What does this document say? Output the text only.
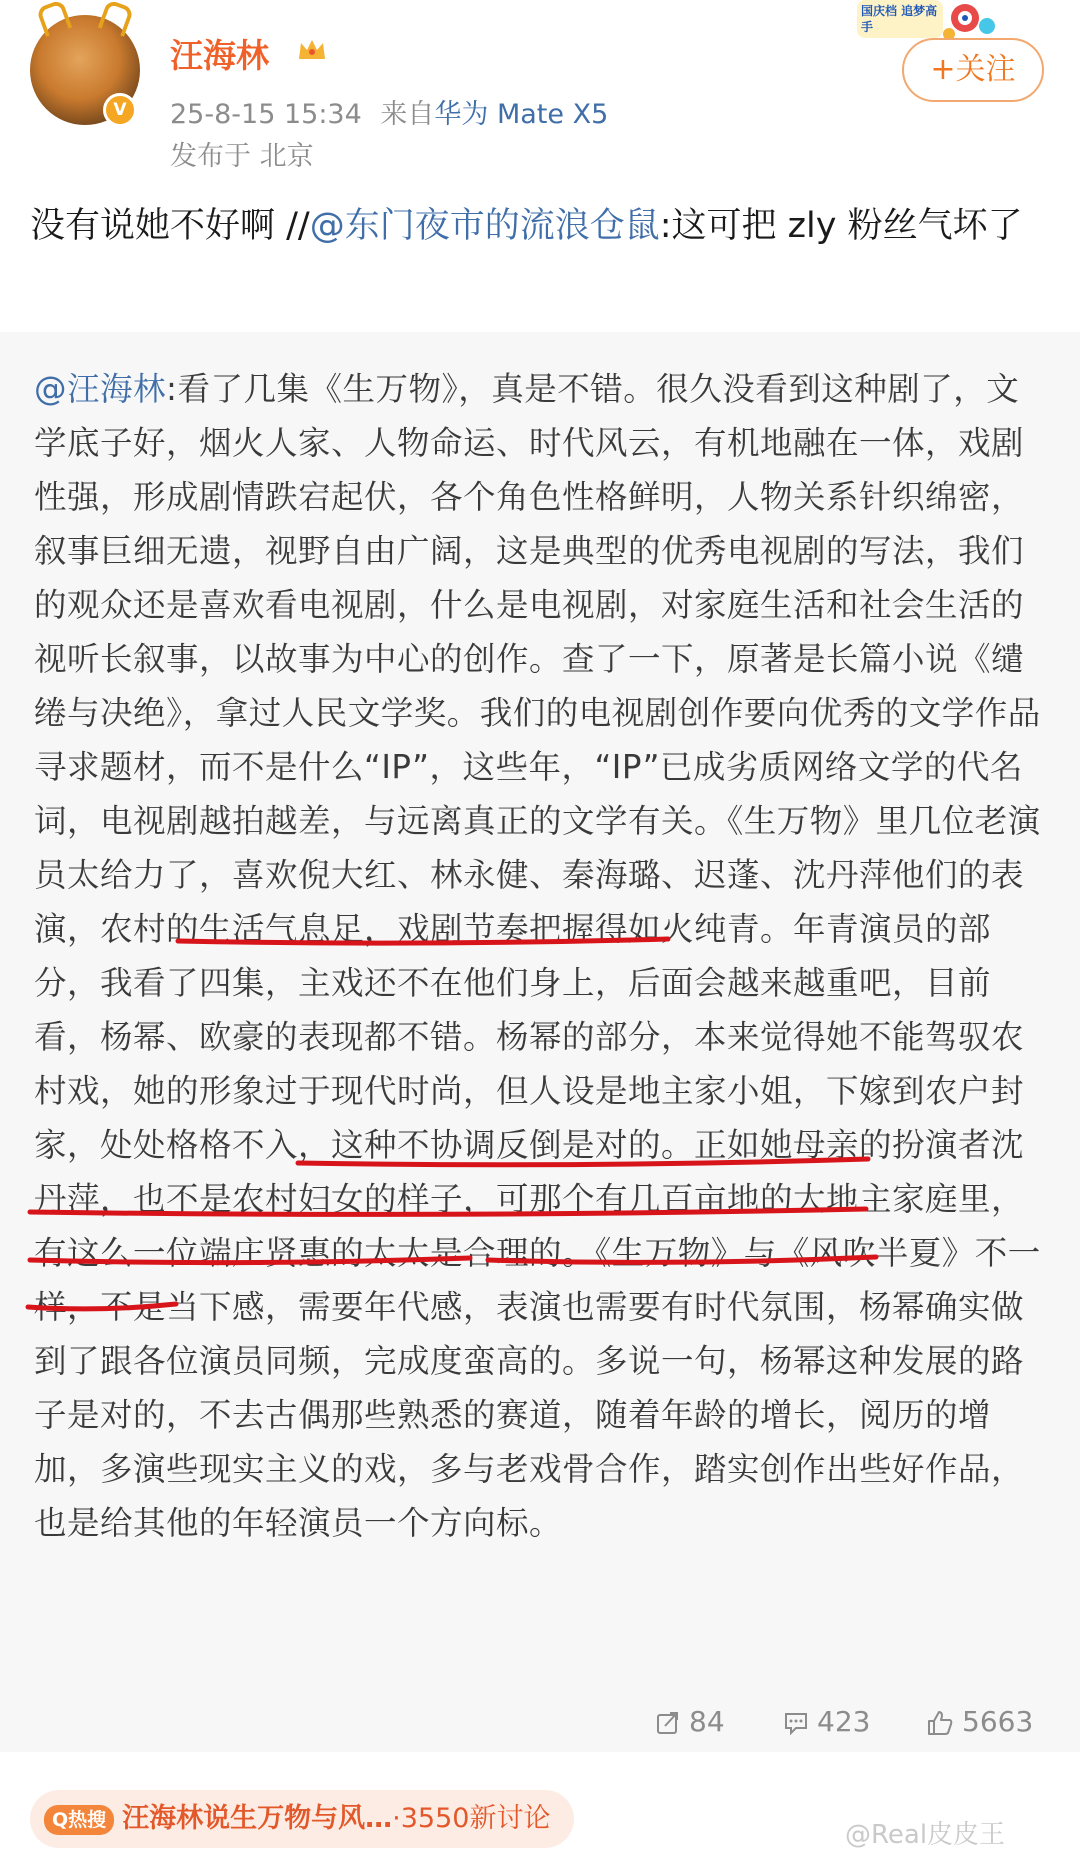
V
汪海林
25-8-15 15:34 来自华为 Mate X5
发布于 北京
国庆档 追梦高手
+关注
没有说她不好啊 //@东门夜市的流浪仓鼠:这可把 zly 粉丝气坏了
@汪海林:看了几集《生万物》，真是不错。很久没看到这种剧了，文学底子好，烟火人家、人物命运、时代风云，有机地融在一体，戏剧性强，形成剧情跌宕起伏，各个角色性格鲜明，人物关系针织绵密，叙事巨细无遗，视野自由广阔，这是典型的优秀电视剧的写法，我们的观众还是喜欢看电视剧，什么是电视剧，对家庭生活和社会生活的视听长叙事，以故事为中心的创作。查了一下，原著是长篇小说《缱绻与决绝》，拿过人民文学奖。我们的电视剧创作要向优秀的文学作品寻求题材，而不是什么“IP”，这些年，“IP”已成劣质网络文学的代名词，电视剧越拍越差，与远离真正的文学有关。《生万物》里几位老演员太给力了，喜欢倪大红、林永健、秦海璐、迟蓬、沈丹萍他们的表演，农村的生活气息足，戏剧节奏把握得如火纯青。年青演员的部分，我看了四集，主戏还不在他们身上，后面会越来越重吧，目前看，杨幂、欧豪的表现都不错。杨幂的部分，本来觉得她不能驾驭农村戏，她的形象过于现代时尚，但人设是地主家小姐，下嫁到农户封家，处处格格不入，这种不协调反倒是对的。正如她母亲的扮演者沈丹萍，也不是农村妇女的样子，可那个有几百亩地的大地主家庭里，有这么一位端庄贤惠的太太是合理的。《生万物》与《风吹半夏》不一样，不是当下感，需要年代感，表演也需要有时代氛围，杨幂确实做到了跟各位演员同频，完成度蛮高的。多说一句，杨幂这种发展的路子是对的，不去古偶那些熟悉的赛道，随着年龄的增长，阅历的增加，多演些现实主义的戏，多与老戏骨合作，踏实创作出些好作品，也是给其他的年轻演员一个方向标。
84	423	5663
Q热搜 汪海林说生万物与风…·3550新讨论
@Real皮皮王
